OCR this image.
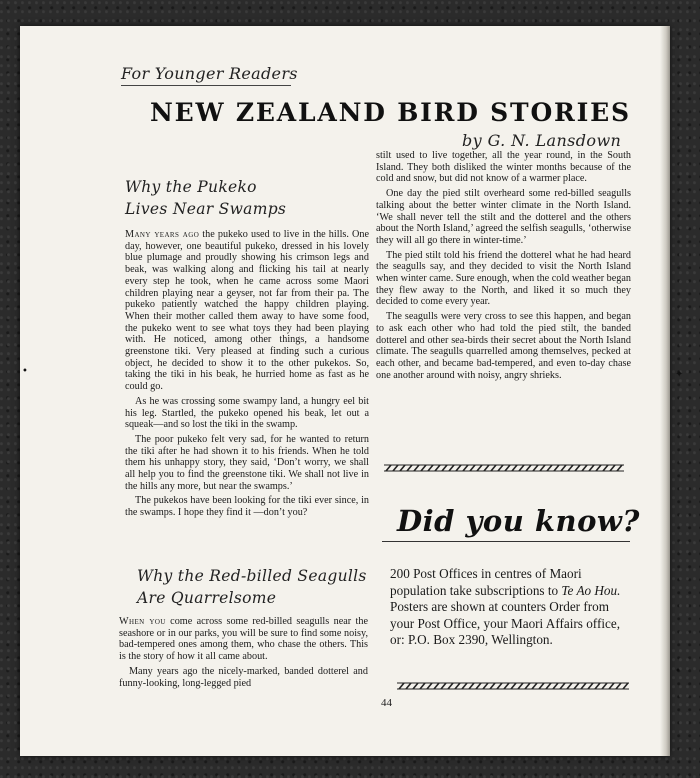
For Younger Readers
NEW ZEALAND BIRD STORIES
by G. N. Lansdown
Why the Pukeko
Lives Near Swamps

Many years ago the pukeko used to live in the hills. One day, however, one beautiful pukeko, dressed in his lovely blue plumage and proudly showing his crimson legs and beak, was walking along and flicking his tail at nearly every step he took, when he came across some Maori children playing near a geyser, not far from their pa. The pukeko patiently watched the happy children playing. When their mother called them away to have some food, the pukeko went to see what toys they had been playing with. He noticed, among other things, a handsome greenstone tiki. Very pleased at finding such a curious object, he decided to show it to the other pukekos. So, taking the tiki in his beak, he hurried home as fast as he could go.

As he was crossing some swampy land, a hungry eel bit his leg. Startled, the pukeko opened his beak, let out a squeak—and so lost the tiki in the swamp.

The poor pukeko felt very sad, for he wanted to return the tiki after he had shown it to his friends. When he told them his unhappy story, they said, ‘Don’t worry, we shall all help you to find the greenstone tiki. We shall not live in the hills any more, but near the swamps.’

The pukekos have been looking for the tiki ever since, in the swamps. I hope they find it —don’t you?

Why the Red-billed Seagulls
Are Quarrelsome

When you come across some red-billed seagulls near the seashore or in our parks, you will be sure to find some noisy, bad-tempered ones among them, who chase the others. This is the story of how it all came about.

Many years ago the nicely-marked, banded dotterel and funny-looking, long-legged pied

stilt used to live together, all the year round, in the South Island. They both disliked the winter months because of the cold and snow, but did not know of a warmer place.

One day the pied stilt overheard some red-billed seagulls talking about the better winter climate in the North Island. ‘We shall never tell the stilt and the dotterel and the others about the North Island,’ agreed the selfish seagulls, ‘otherwise they will all go there in winter-time.’

The pied stilt told his friend the dotterel what he had heard the seagulls say, and they decided to visit the North Island when winter came. Sure enough, when the cold weather began they flew away to the North, and liked it so much they decided to come every year.

The seagulls were very cross to see this happen, and began to ask each other who had told the pied stilt, the banded dotterel and other sea-birds their secret about the North Island climate. The seagulls quarrelled among themselves, pecked at each other, and became bad-tempered, and even to-day chase one another around with noisy, angry shrieks.

Did you know?
200 Post Offices in centres of Maori population take subscriptions to Te Ao Hou. Posters are shown at counters Order from your Post Office, your Maori Affairs office, or: P.O. Box 2390, Wellington.
44
✦
•
•
